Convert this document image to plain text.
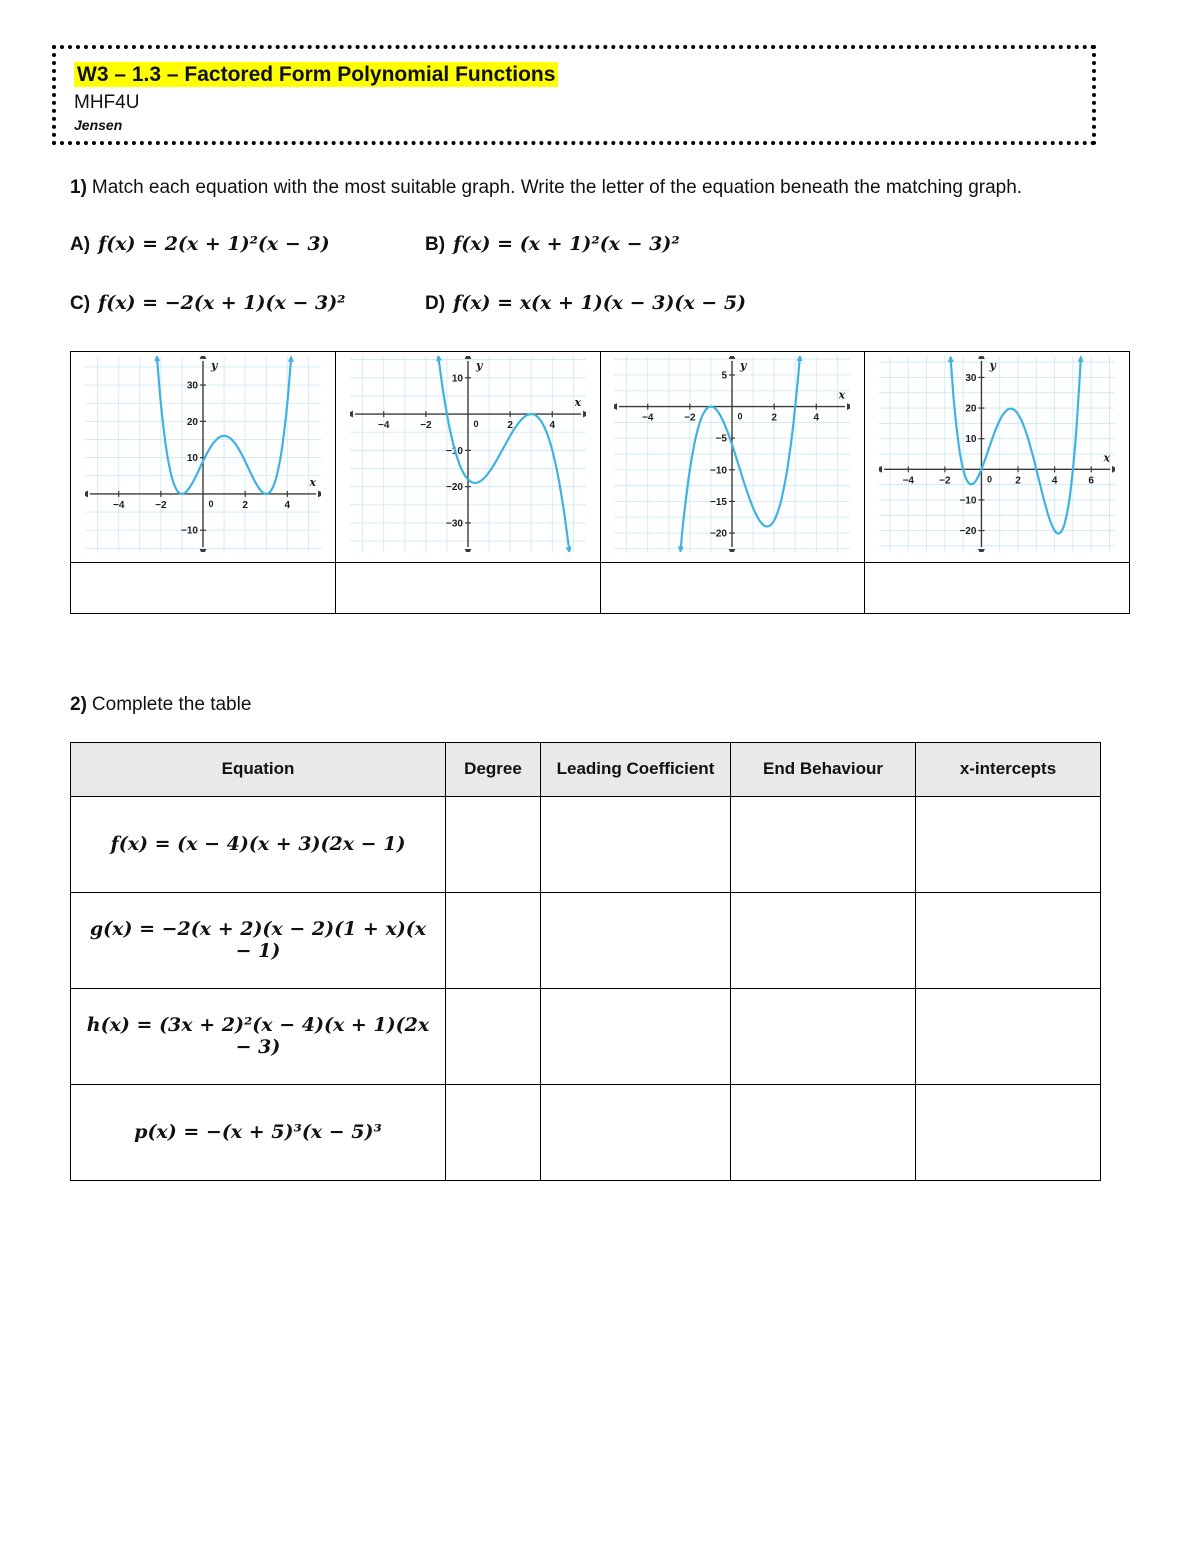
W3 – 1.3 – Factored Form Polynomial Functions
MHF4U
Jensen

1) Match each equation with the most suitable graph. Write the letter of the equation beneath the matching graph.

A) f(x) = 2(x + 1)²(x − 3)	B) f(x) = (x + 1)²(x − 3)²
C) f(x) = −2(x + 1)(x − 3)²	D) f(x) = x(x + 1)(x − 3)(x − 5)
−4	−2	2	4
−10
10
20
30
0
y
x

−4	−2	2	4
10
−10
−20
−30
0
y
x

−4	−2	2	4
5
−5
−10
−15
−20
0
y
x

−4	−2	2	4	6
30
20
10
−10
−20
0
y
x

2) Complete the table

Equation	Degree	Leading Coefficient	End Behaviour	x-intercepts
f(x) = (x − 4)(x + 3)(2x − 1)				
g(x) = −2(x + 2)(x − 2)(1 + x)(x − 1)				
h(x) = (3x + 2)²(x − 4)(x + 1)(2x − 3)				
p(x) = −(x + 5)³(x − 5)³				
